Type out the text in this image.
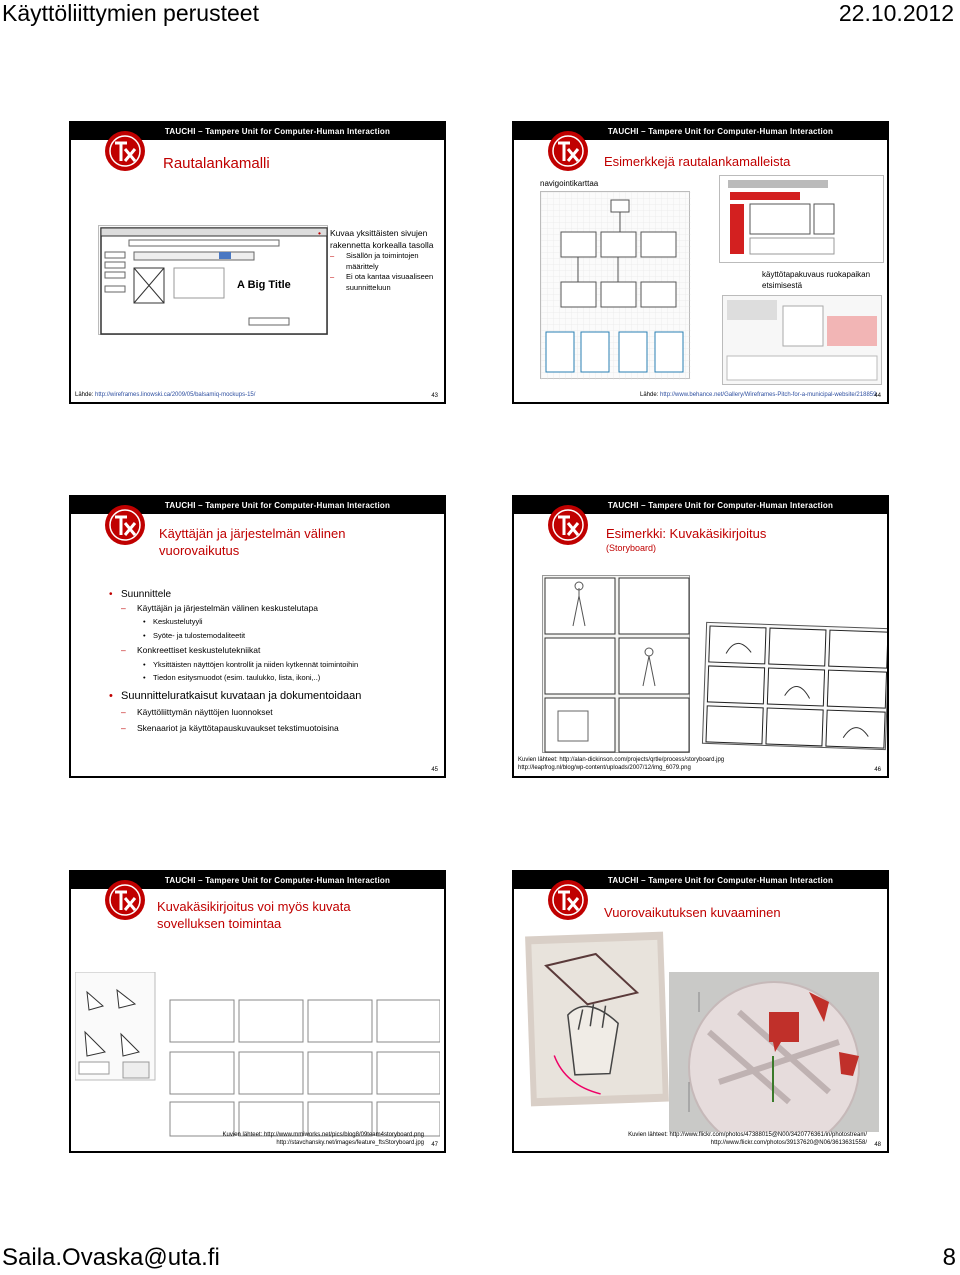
Käyttöliittymien perusteet	22.10.2012
Saila.Ovaska@uta.fi	8
TAUCHI – Tampere Unit for Computer-Human Interaction
Rautalankamalli
A Big Title
• Kuvaa yksittäisten sivujen rakennetta korkealla tasolla
– Sisällön ja toimintojen määrittely
– Ei ota kantaa visuaaliseen suunnitteluun
Lähde: http://wireframes.linowski.ca/2009/05/balsamiq-mockups-15/	43
TAUCHI – Tampere Unit for Computer-Human Interaction
Esimerkkejä rautalankamalleista
navigointikarttaa
käyttötapakuvaus ruokapaikan etsimisestä
Lähde: http://www.behance.net/Gallery/Wireframes-Pitch-for-a-municipal-website/218859
44
TAUCHI – Tampere Unit for Computer-Human Interaction
Käyttäjän ja järjestelmän välinen vuorovaikutus
• Suunnittele
– Käyttäjän ja järjestelmän välinen keskustelutapa
• Keskustelutyyli
• Syöte- ja tulostemodaliteetit
– Konkreettiset keskustelutekniikat
• Yksittäisten näyttöjen kontrollit ja niiden kytkennät toimintoihin
• Tiedon esitysmuodot (esim. taulukko, lista, ikoni,..)
• Suunnitteluratkaisut kuvataan ja dokumentoidaan
– Käyttöliittymän näyttöjen luonnokset
– Skenaariot ja käyttötapauskuvaukset tekstimuotoisina
45
TAUCHI – Tampere Unit for Computer-Human Interaction
Esimerkki: Kuvakäsikirjoitus
(Storyboard)
Kuvien lähteet: http://alan-dickinson.com/projects/qrtle/process/storyboard.jpg
http://leapfrog.nl/blog/wp-content/uploads/2007/12/img_6079.png	46
TAUCHI – Tampere Unit for Computer-Human Interaction
Kuvakäsikirjoitus voi myös kuvata sovelluksen toimintaa
Kuvien lähteet: http://www.mmiworks.net/pics/blog8/09team4storyboard.png
http://stavchansky.net/images/feature_ftsStoryboard.jpg 47
TAUCHI – Tampere Unit for Computer-Human Interaction
Vuorovaikutuksen kuvaaminen
Kuvien lähteet: http://www.flickr.com/photos/47388015@N00/3420776361/in/photostream/
http://www.flickr.com/photos/39137620@N06/3613631558/ 48
